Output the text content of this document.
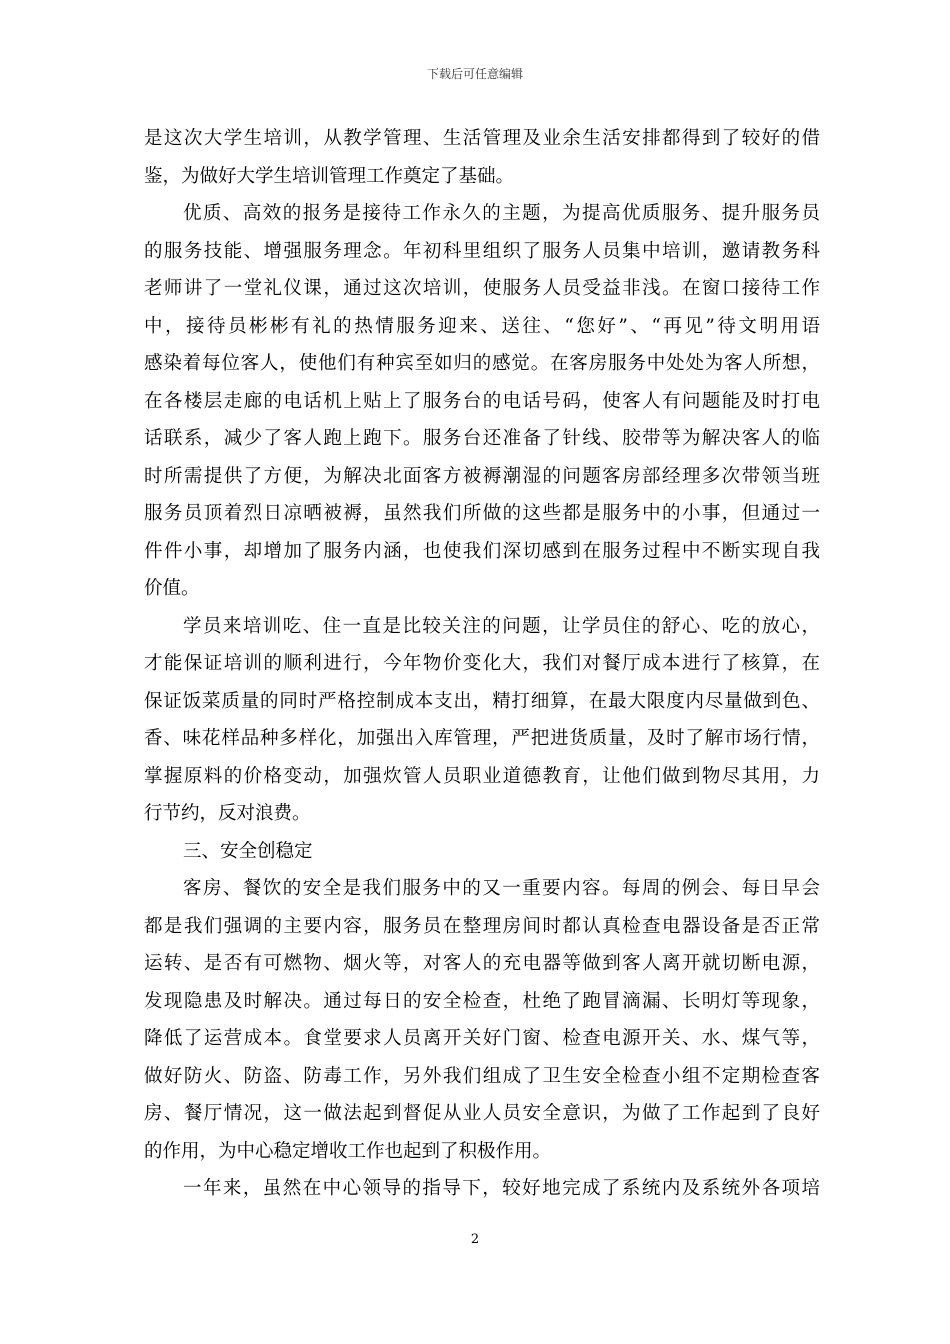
下载后可任意编辑
是这次大学生培训，从教学管理、生活管理及业余生活安排都得到了较好的借
鉴，为做好大学生培训管理工作奠定了基础。
优质、高效的报务是接待工作永久的主题，为提高优质服务、提升服务员
的服务技能、增强服务理念。年初科里组织了服务人员集中培训，邀请教务科
老师讲了一堂礼仪课，通过这次培训，使服务人员受益非浅。在窗口接待工作
中，接待员彬彬有礼的热情服务迎来、送往、“您好”、“再见”待文明用语
感染着每位客人，使他们有种宾至如归的感觉。在客房服务中处处为客人所想，
在各楼层走廊的电话机上贴上了服务台的电话号码，使客人有问题能及时打电
话联系，减少了客人跑上跑下。服务台还准备了针线、胶带等为解决客人的临
时所需提供了方便，为解决北面客方被褥潮湿的问题客房部经理多次带领当班
服务员顶着烈日凉晒被褥，虽然我们所做的这些都是服务中的小事，但通过一
件件小事，却增加了服务内涵，也使我们深切感到在服务过程中不断实现自我
价值。
学员来培训吃、住一直是比较关注的问题，让学员住的舒心、吃的放心，
才能保证培训的顺利进行，今年物价变化大，我们对餐厅成本进行了核算，在
保证饭菜质量的同时严格控制成本支出，精打细算，在最大限度内尽量做到色、
香、味花样品种多样化，加强出入库管理，严把进货质量，及时了解市场行情，
掌握原料的价格变动，加强炊管人员职业道德教育，让他们做到物尽其用，力
行节约，反对浪费。
三、安全创稳定
客房、餐饮的安全是我们服务中的又一重要内容。每周的例会、每日早会
都是我们强调的主要内容，服务员在整理房间时都认真检查电器设备是否正常
运转、是否有可燃物、烟火等，对客人的充电器等做到客人离开就切断电源，
发现隐患及时解决。通过每日的安全检查，杜绝了跑冒滴漏、长明灯等现象，
降低了运营成本。食堂要求人员离开关好门窗、检查电源开关、水、煤气等，
做好防火、防盗、防毒工作，另外我们组成了卫生安全检查小组不定期检查客
房、餐厅情况，这一做法起到督促从业人员安全意识，为做了工作起到了良好
的作用，为中心稳定增收工作也起到了积极作用。
一年来，虽然在中心领导的指导下，较好地完成了系统内及系统外各项培
2
